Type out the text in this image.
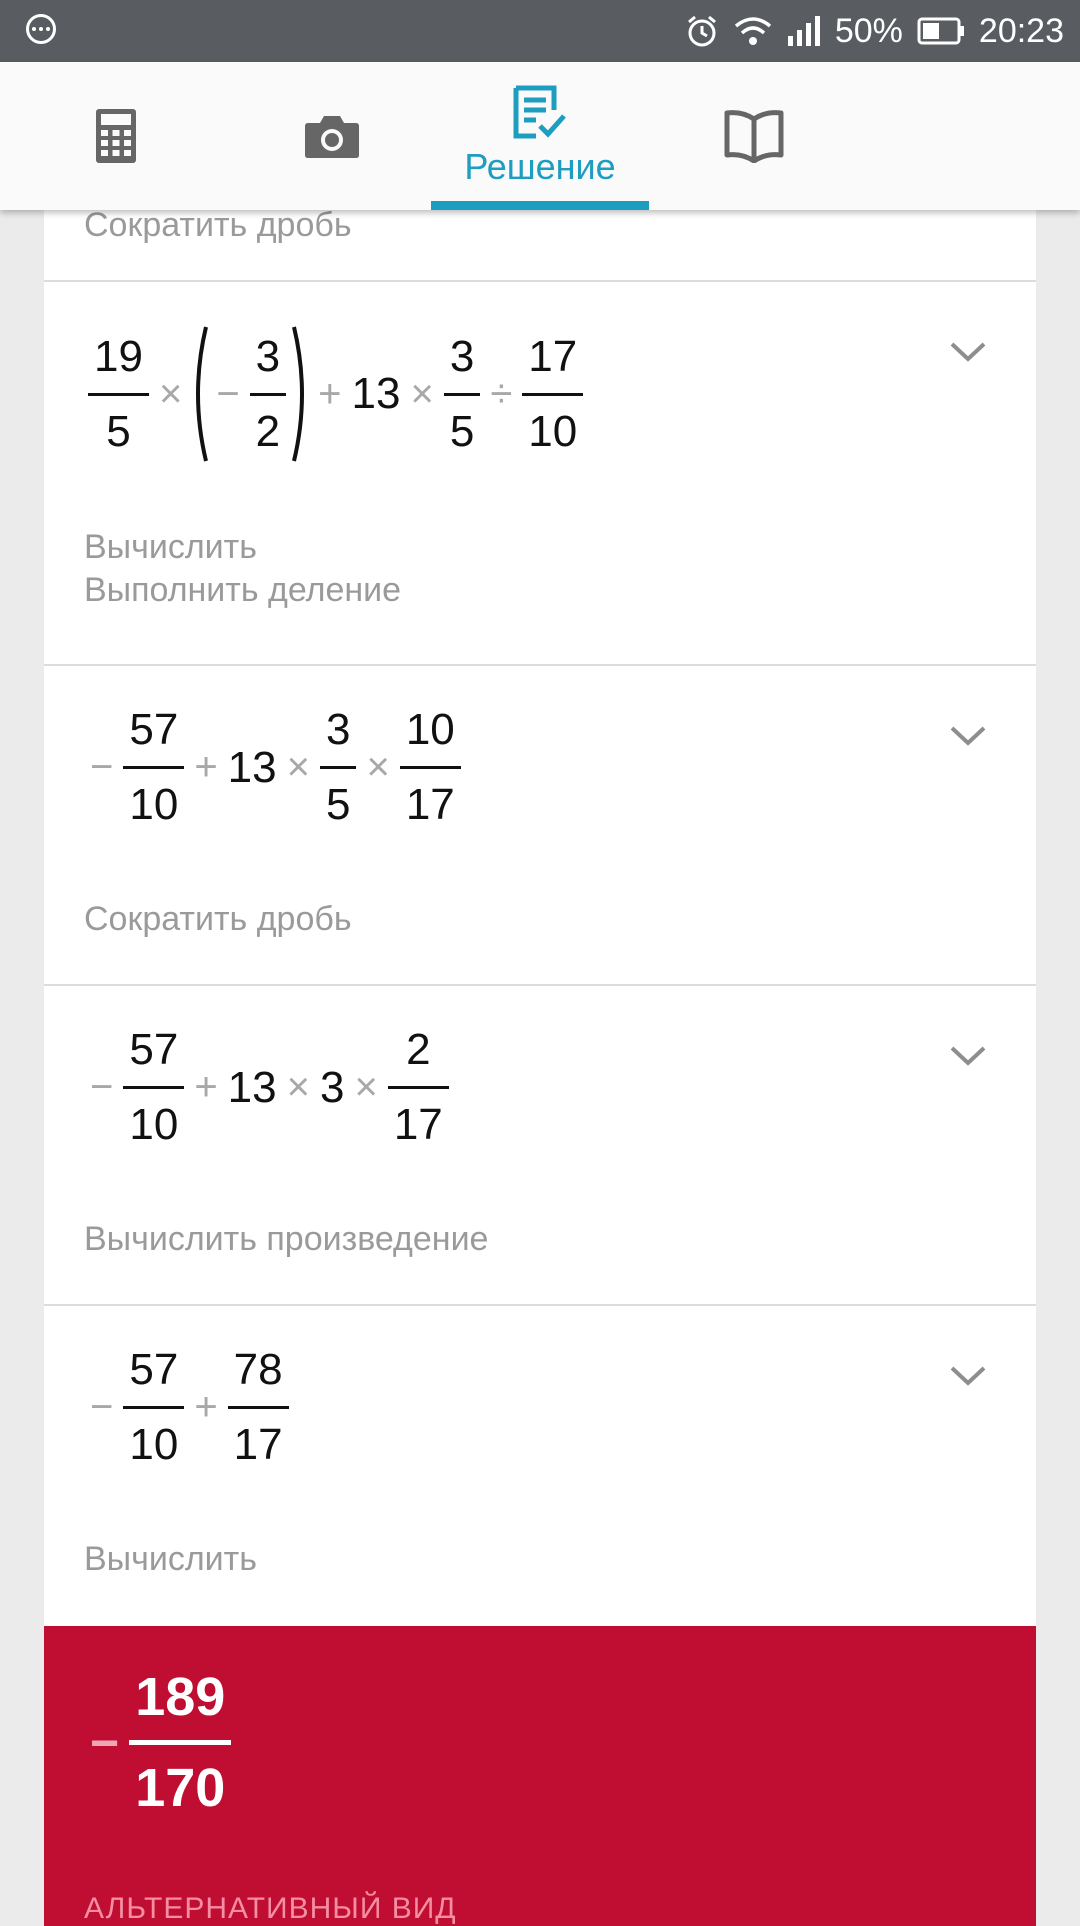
50% 20:23
Решение
Сократить дробь
$\frac{19}{5}$ × − $\frac{3}{2} + 13 \times \frac{3}{5} \div \frac{17}{10}$
Вычислить
Выполнить деление
− $\frac{57}{10} + 13 \times \frac{3}{5} \times \frac{10}{17}$
Сократить дробь
− $\frac{57}{10} + 13 \times 3 \times \frac{2}{17}$
Вычислить произведение
− $\frac{57}{10} + \frac{78}{17}$
Вычислить
−
189
170
АЛЬТЕРНАТИВНЫЙ ВИД
